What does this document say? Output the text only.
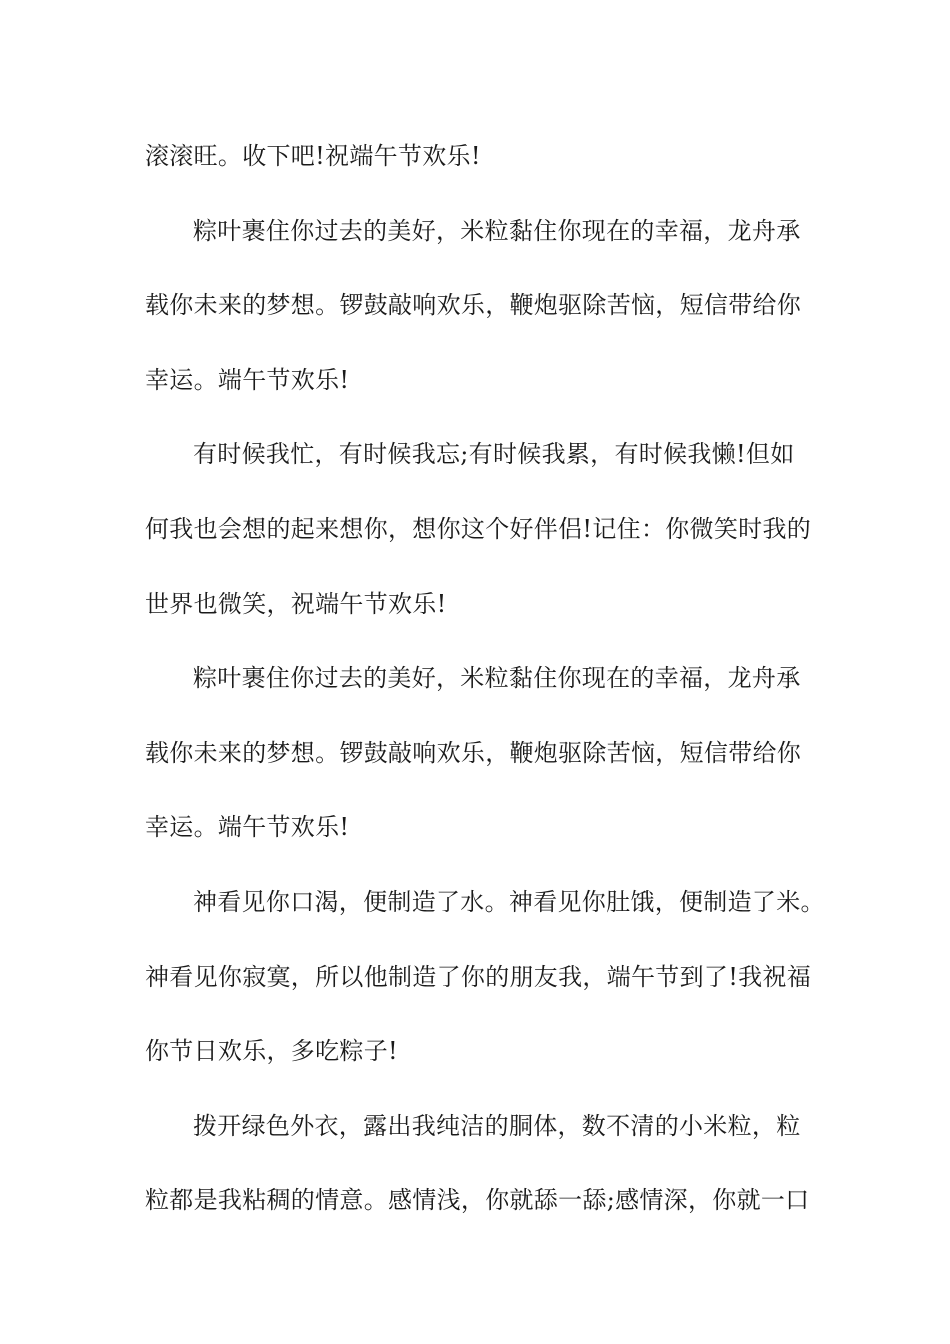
滚滚旺。收下吧!祝端午节欢乐!
粽叶裹住你过去的美好，米粒黏住你现在的幸福，龙舟承
载你未来的梦想。锣鼓敲响欢乐，鞭炮驱除苦恼，短信带给你
幸运。端午节欢乐!
有时候我忙，有时候我忘;有时候我累，有时候我懒!但如
何我也会想的起来想你，想你这个好伴侣!记住：你微笑时我的
世界也微笑，祝端午节欢乐!
粽叶裹住你过去的美好，米粒黏住你现在的幸福，龙舟承
载你未来的梦想。锣鼓敲响欢乐，鞭炮驱除苦恼，短信带给你
幸运。端午节欢乐!
神看见你口渴，便制造了水。神看见你肚饿，便制造了米。
神看见你寂寞，所以他制造了你的朋友我，端午节到了!我祝福
你节日欢乐，多吃粽子!
拨开绿色外衣，露出我纯洁的胴体，数不清的小米粒，粒
粒都是我粘稠的情意。感情浅，你就舔一舔;感情深，你就一口
